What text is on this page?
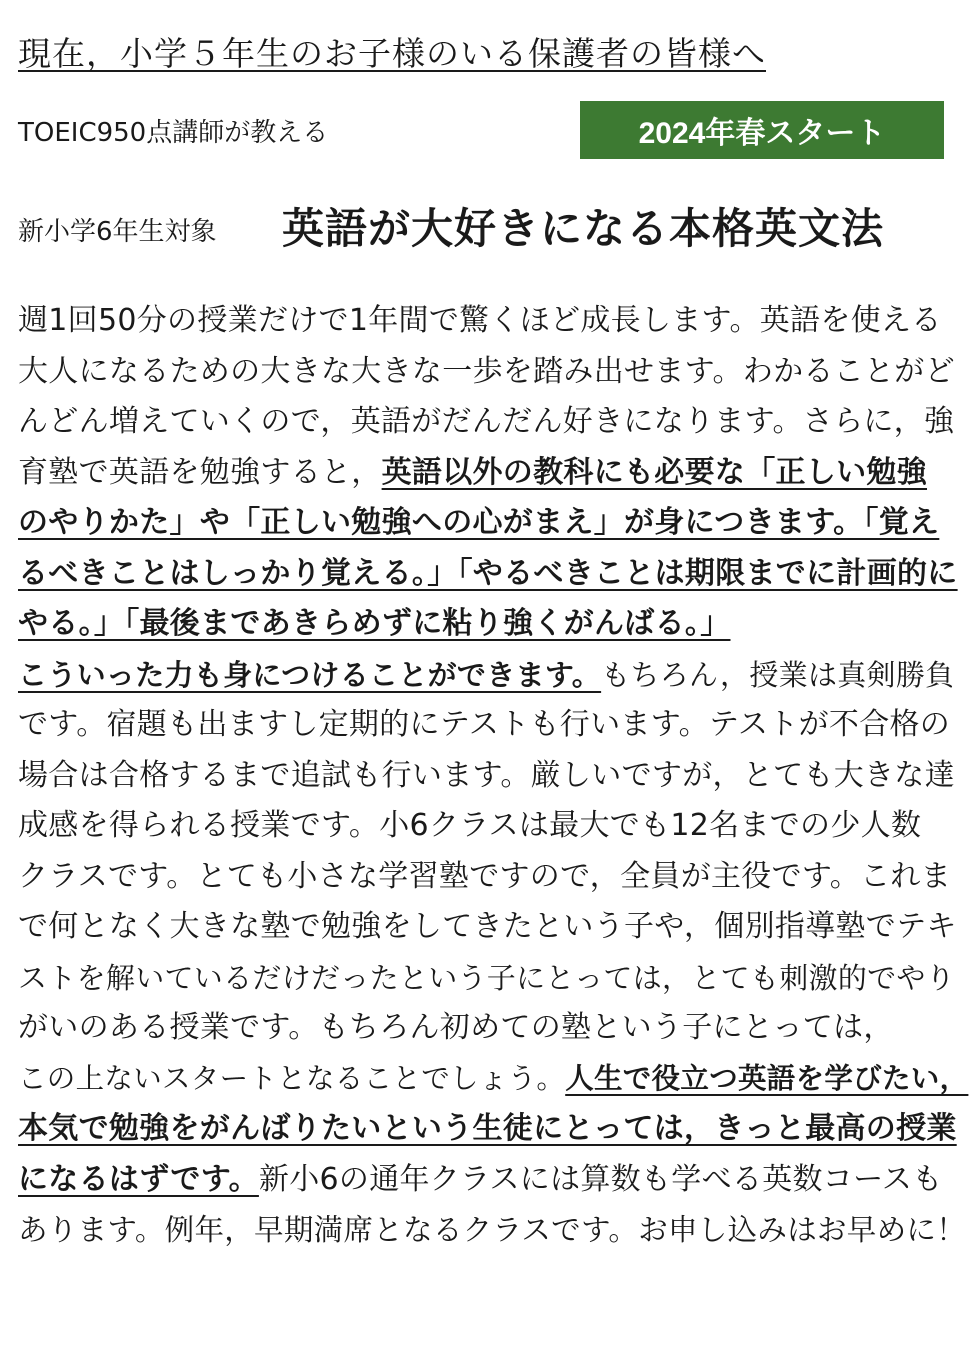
現在，小学５年生のお子様のいる保護者の皆様へ
TOEIC950点講師が教える	2024年春スタート
新小学6年生対象 英語が大好きになる本格英文法
週1回50分の授業だけで1年間で驚くほど成長します。英語を使える
大人になるための大きな大きな一歩を踏み出せます。わかることがど
んどん増えていくので，英語がだんだん好きになります。さらに，強
育塾で英語を勉強すると，英語以外の教科にも必要な「正しい勉強
のやりかた」や「正しい勉強への心がまえ」が身につきます。「覚え
るべきことはしっかり覚える。」「やるべきことは期限までに計画的に
やる。」「最後まであきらめずに粘り強くがんばる。」
こういった力も身につけることができます。もちろん，授業は真剣勝負
です。宿題も出ますし定期的にテストも行います。テストが不合格の
場合は合格するまで追試も行います。厳しいですが，とても大きな達
成感を得られる授業です。小6クラスは最大でも12名までの少人数
クラスです。とても小さな学習塾ですので，全員が主役です。これま
で何となく大きな塾で勉強をしてきたという子や，個別指導塾でテキ
ストを解いているだけだったという子にとっては，とても刺激的でやり
がいのある授業です。もちろん初めての塾という子にとっては，
この上ないスタートとなることでしょう。人生で役立つ英語を学びたい，
本気で勉強をがんばりたいという生徒にとっては，きっと最高の授業
になるはずです。新小6の通年クラスには算数も学べる英数コースも
あります。例年，早期満席となるクラスです。お申し込みはお早めに！
